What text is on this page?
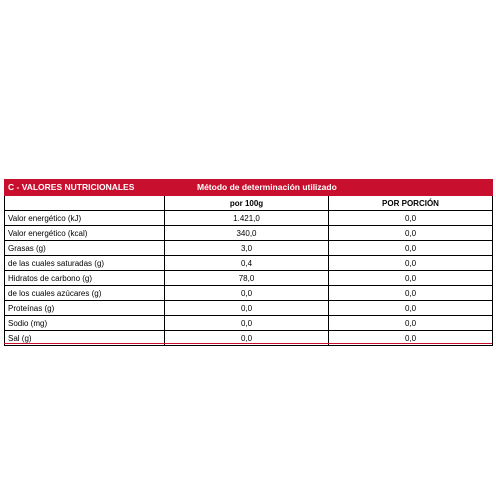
C - VALORES NUTRICIONALES	Método de determinación utilizado	
	por 100g	POR PORCIÓN
Valor energético (kJ)	1.421,0	0,0
Valor energético (kcal)	340,0	0,0
Grasas (g)	3,0	0,0
de las cuales saturadas (g)	0,4	0,0
Hidratos de carbono (g)	78,0	0,0
de los cuales azúcares (g)	0,0	0,0
Proteínas (g)	0,0	0,0
Sodio (mg)	0,0	0,0
Sal (g)	0,0	0,0
